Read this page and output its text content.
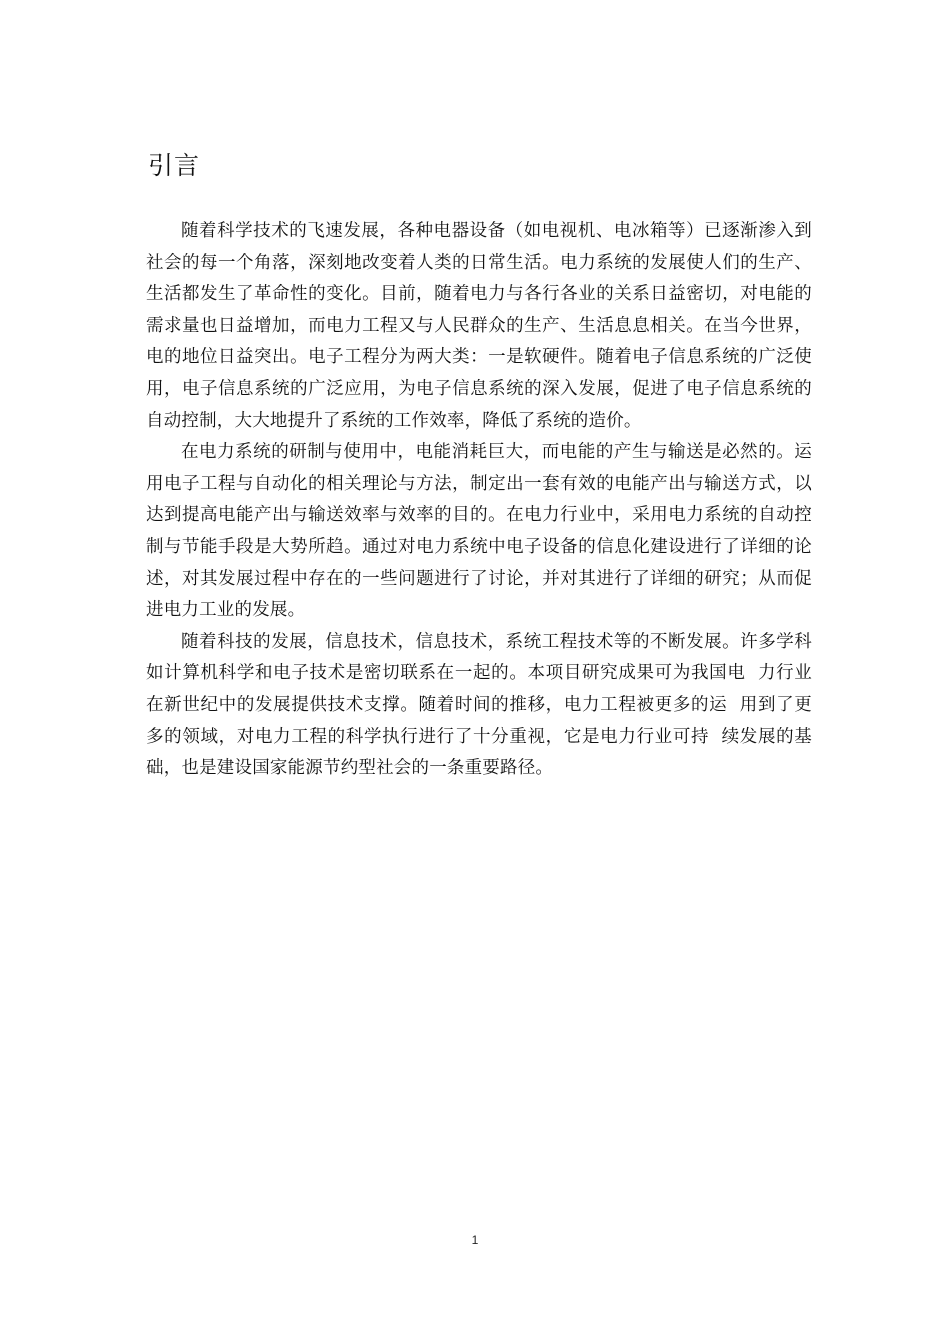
引言

随着科学技术的飞速发展，各种电器设备（如电视机、电冰箱等）已逐渐渗入到社会的每一个角落，深刻地改变着人类的日常生活。电力系统的发展使人们的生产、生活都发生了革命性的变化。目前，随着电力与各行各业的关系日益密切，对电能的需求量也日益增加，而电力工程又与人民群众的生产、生活息息相关。在当今世界，电的地位日益突出。电子工程分为两大类：一是软硬件。随着电子信息系统的广泛使用，电子信息系统的广泛应用，为电子信息系统的深入发展，促进了电子信息系统的自动控制，大大地提升了系统的工作效率，降低了系统的造价。

在电力系统的研制与使用中，电能消耗巨大，而电能的产生与输送是必然的。运用电子工程与自动化的相关理论与方法，制定出一套有效的电能产出与输送方式，以达到提高电能产出与输送效率与效率的目的。在电力行业中，采用电力系统的自动控制与节能手段是大势所趋。通过对电力系统中电子设备的信息化建设进行了详细的论述，对其发展过程中存在的一些问题进行了讨论，并对其进行了详细的研究；从而促进电力工业的发展。

随着科技的发展，信息技术，信息技术，系统工程技术等的不断发展。许多学科如计算机科学和电子技术是密切联系在一起的。本项目研究成果可为我国电  力行业在新世纪中的发展提供技术支撑。随着时间的推移，电力工程被更多的运  用到了更多的领域，对电力工程的科学执行进行了十分重视，它是电力行业可持  续发展的基础，也是建设国家能源节约型社会的一条重要路径。

1
